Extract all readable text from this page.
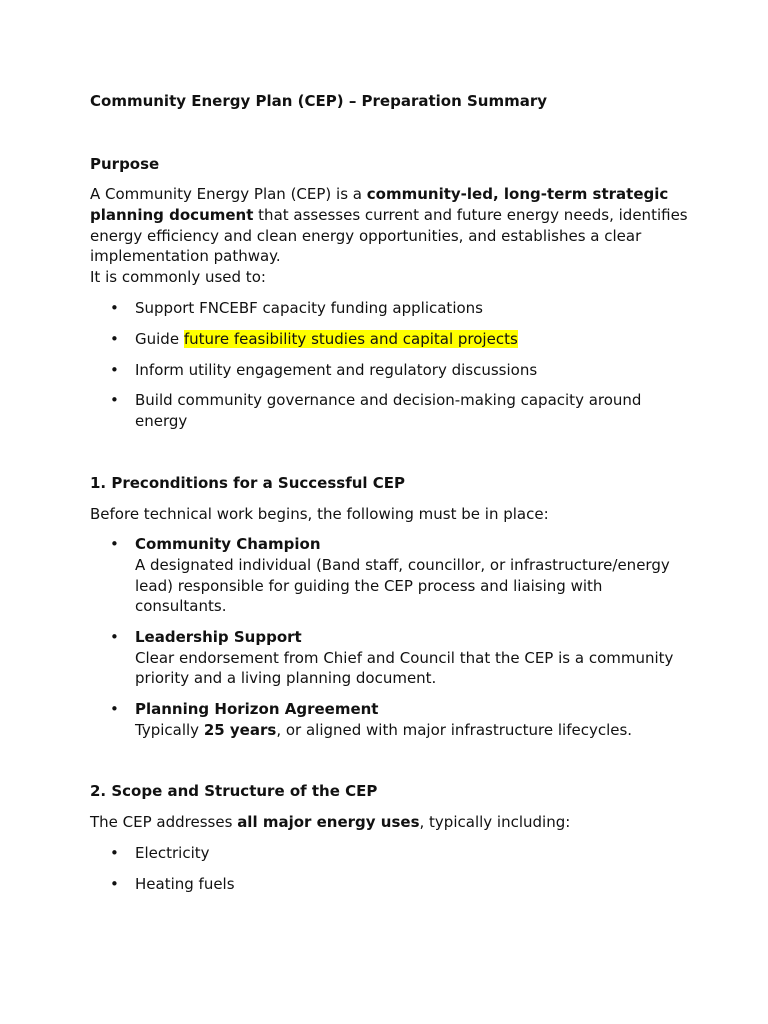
Community Energy Plan (CEP) – Preparation Summary

Purpose

A Community Energy Plan (CEP) is a community-led, long-term strategic planning document that assesses current and future energy needs, identifies energy efficiency and clean energy opportunities, and establishes a clear implementation pathway.

It is commonly used to:

• Support FNCEBF capacity funding applications
• Guide future feasibility studies and capital projects
• Inform utility engagement and regulatory discussions
• Build community governance and decision-making capacity around energy
1. Preconditions for a Successful CEP

Before technical work begins, the following must be in place:

• Community Champion
A designated individual (Band staff, councillor, or infrastructure/energy lead) responsible for guiding the CEP process and liaising with consultants.
• Leadership Support
Clear endorsement from Chief and Council that the CEP is a community priority and a living planning document.
• Planning Horizon Agreement
Typically 25 years, or aligned with major infrastructure lifecycles.
2. Scope and Structure of the CEP

The CEP addresses all major energy uses, typically including:

• Electricity
• Heating fuels
